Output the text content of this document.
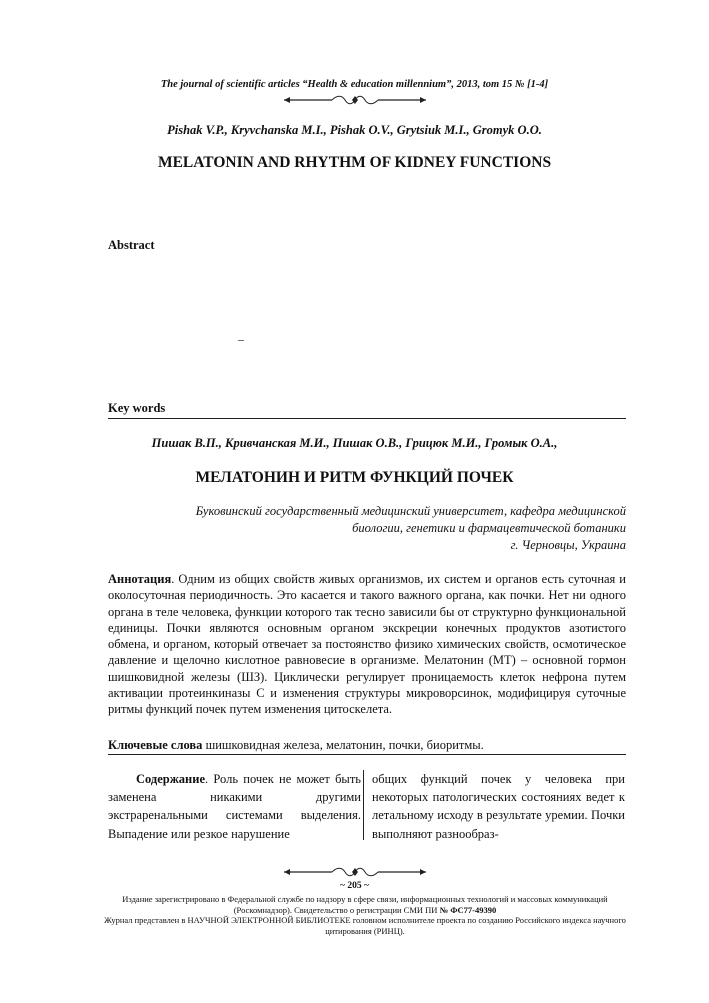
The journal of scientific articles “Health & education millennium”, 2013, tom 15 № [1-4]
Pishak V.P., Kryvchanska M.I., Pishak O.V., Grytsiuk M.I., Gromyk O.O.
MELATONIN AND RHYTHM OF KIDNEY FUNCTIONS
Abstract
–
Key words
Пишак В.П., Кривчанская М.И., Пишак О.В., Грицюк М.И., Громык О.А.,
МЕЛАТОНИН И РИТМ ФУНКЦИЙ ПОЧЕК
Буковинский государственный медицинский университет, кафедра медицинской
биологии, генетики и фармацевтической ботаники
г. Черновцы, Украина
Аннотация. Одним из общих свойств живых организмов, их систем и органов есть суточная и околосуточная периодичность. Это касается и такого важного органа, как почки. Нет ни одного органа в теле человека, функции которого так тесно зависили бы от структурно функциональной единицы. Почки являются основным органом экскреции конечных продуктов азотистого обмена, и органом, который отвечает за постоянство физико химических свойств, осмотическое давление и щелочно кислотное равновесие в организме. Мелатонин (МТ) – основной гормон шишковидной железы (ШЗ). Циклически регулирует проницаемость клеток нефрона путем активации протеинкиназы С и изменения структуры микроворсинок, модифицируя суточные ритмы функций почек путем изменения цитоскелета.
Ключевые слова шишковидная железа, мелатонин, почки, биоритмы.
Содержание. Роль почек не может быть заменена никакими другими экстраренальными системами выделения. Выпадение или резкое нарушение
общих функций почек у человека при некоторых патологических состояниях ведет к летальному исходу в результате уремии. Почки выполняют разнообраз-
~ 205 ~
Издание зарегистрировано в Федеральной службе по надзору в сфере связи, информационных технологий и массовых коммуникаций (Роскомнадзор). Свидетельство о регистрации СМИ ПИ № ФС77-49390
Журнал представлен в НАУЧНОЙ ЭЛЕКТРОННОЙ БИБЛИОТЕКЕ головном исполнителе проекта по созданию Российского индекса научного цитирования (РИНЦ).
